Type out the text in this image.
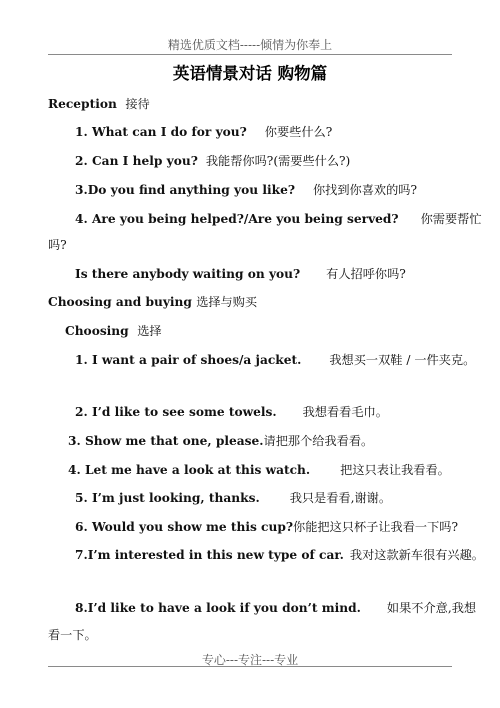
精选优质文档-----倾情为你奉上
英语情景对话 购物篇
Reception 接待
1. What can I do for you? 你要些什么?
2. Can I help you? 我能帮你吗?(需要些什么?)
3.Do you find anything you like? 你找到你喜欢的吗?
4. Are you being helped?/Are you being served? 你需要帮忙
吗?
Is there anybody waiting on you? 有人招呼你吗?
Choosing and buying 选择与购买
Choosing 选择
1. I want a pair of shoes/a jacket. 我想买一双鞋 / 一件夹克。
2. I’d like to see some towels. 我想看看毛巾。
3. Show me that one, please.请把那个给我看看。
4. Let me have a look at this watch. 把这只表让我看看。
5. I’m just looking, thanks. 我只是看看,谢谢。
6. Would you show me this cup?你能把这只杯子让我看一下吗?
7.I’m interested in this new type of car. 我对这款新车很有兴趣。
8.I’d like to have a look if you don’t mind. 如果不介意,我想
看一下。
专心---专注---专业
